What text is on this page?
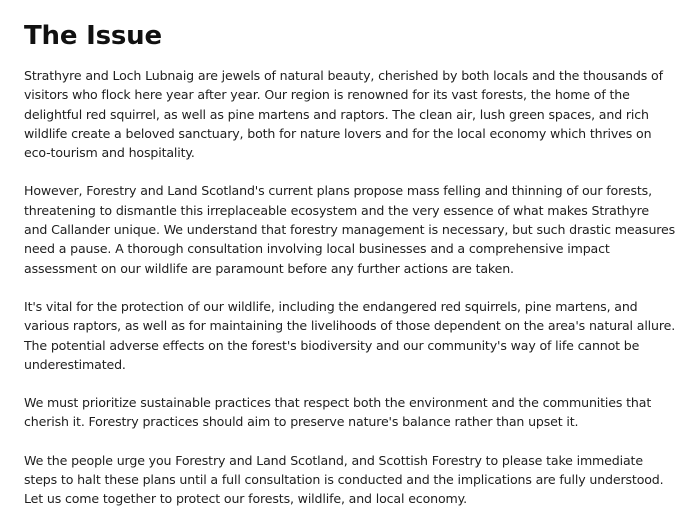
The Issue

Strathyre and Loch Lubnaig are jewels of natural beauty, cherished by both locals and the thousands of visitors who flock here year after year. Our region is renowned for its vast forests, the home of the delightful red squirrel, as well as pine martens and raptors. The clean air, lush green spaces, and rich wildlife create a beloved sanctuary, both for nature lovers and for the local economy which thrives on eco-tourism and hospitality.

However, Forestry and Land Scotland's current plans propose mass felling and thinning of our forests, threatening to dismantle this irreplaceable ecosystem and the very essence of what makes Strathyre and Callander unique. We understand that forestry management is necessary, but such drastic measures need a pause. A thorough consultation involving local businesses and a comprehensive impact assessment on our wildlife are paramount before any further actions are taken.

It's vital for the protection of our wildlife, including the endangered red squirrels, pine martens, and various raptors, as well as for maintaining the livelihoods of those dependent on the area's natural allure. The potential adverse effects on the forest's biodiversity and our community's way of life cannot be underestimated.

We must prioritize sustainable practices that respect both the environment and the communities that cherish it. Forestry practices should aim to preserve nature's balance rather than upset it.

We the people urge you Forestry and Land Scotland, and Scottish Forestry to please take immediate steps to halt these plans until a full consultation is conducted and the implications are fully understood. Let us come together to protect our forests, wildlife, and local economy.
